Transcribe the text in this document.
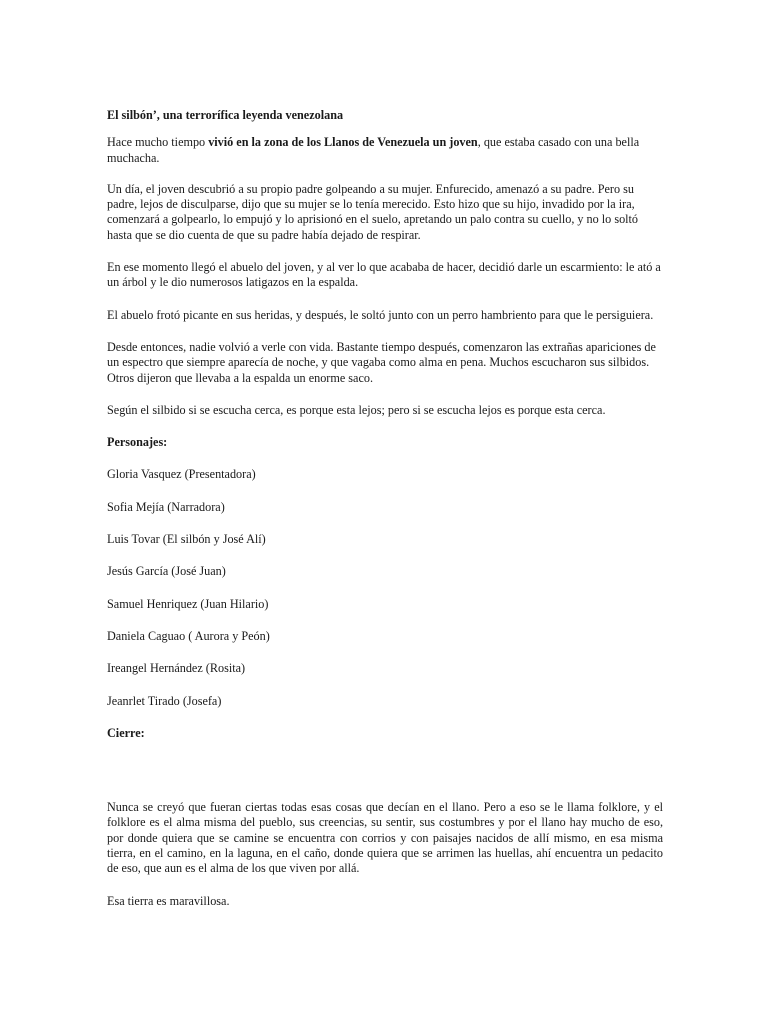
El silbón’, una terrorífica leyenda venezolana

Hace mucho tiempo vivió en la zona de los Llanos de Venezuela un joven, que estaba casado con una bella muchacha.

Un día, el joven descubrió a su propio padre golpeando a su mujer. Enfurecido, amenazó a su padre. Pero su padre, lejos de disculparse, dijo que su mujer se lo tenía merecido. Esto hizo que su hijo, invadido por la ira, comenzará a golpearlo, lo empujó y lo aprisionó en el suelo, apretando un palo contra su cuello, y no lo soltó hasta que se dio cuenta de que su padre había dejado de respirar.

En ese momento llegó el abuelo del joven, y al ver lo que acababa de hacer, decidió darle un escarmiento: le ató a un árbol y le dio numerosos latigazos en la espalda.

El abuelo frotó picante en sus heridas, y después, le soltó junto con un perro hambriento para que le persiguiera.

Desde entonces, nadie volvió a verle con vida. Bastante tiempo después, comenzaron las extrañas apariciones de un espectro que siempre aparecía de noche, y que vagaba como alma en pena. Muchos escucharon sus silbidos. Otros dijeron que llevaba a la espalda un enorme saco.

Según el silbido si se escucha cerca, es porque esta lejos; pero si se escucha lejos es porque esta cerca.

Personajes:

Gloria Vasquez (Presentadora)

Sofia Mejía (Narradora)

Luis Tovar (El silbón y José Alí)

Jesús García (José Juan)

Samuel Henriquez (Juan Hilario)

Daniela Caguao ( Aurora y Peón)

Ireangel Hernández (Rosita)

Jeanrlet Tirado (Josefa)

Cierre:

Nunca se creyó que fueran ciertas todas esas cosas que decían en el llano. Pero a eso se le llama folklore, y el folklore es el alma misma del pueblo, sus creencias, su sentir, sus costumbres y por el llano hay mucho de eso, por donde quiera que se camine se encuentra con corrios y con paisajes nacidos de allí mismo, en esa misma tierra, en el camino, en la laguna, en el caño, donde quiera que se arrimen las huellas, ahí encuentra un pedacito de eso, que aun es el alma de los que viven por allá.

Esa tierra es maravillosa.
